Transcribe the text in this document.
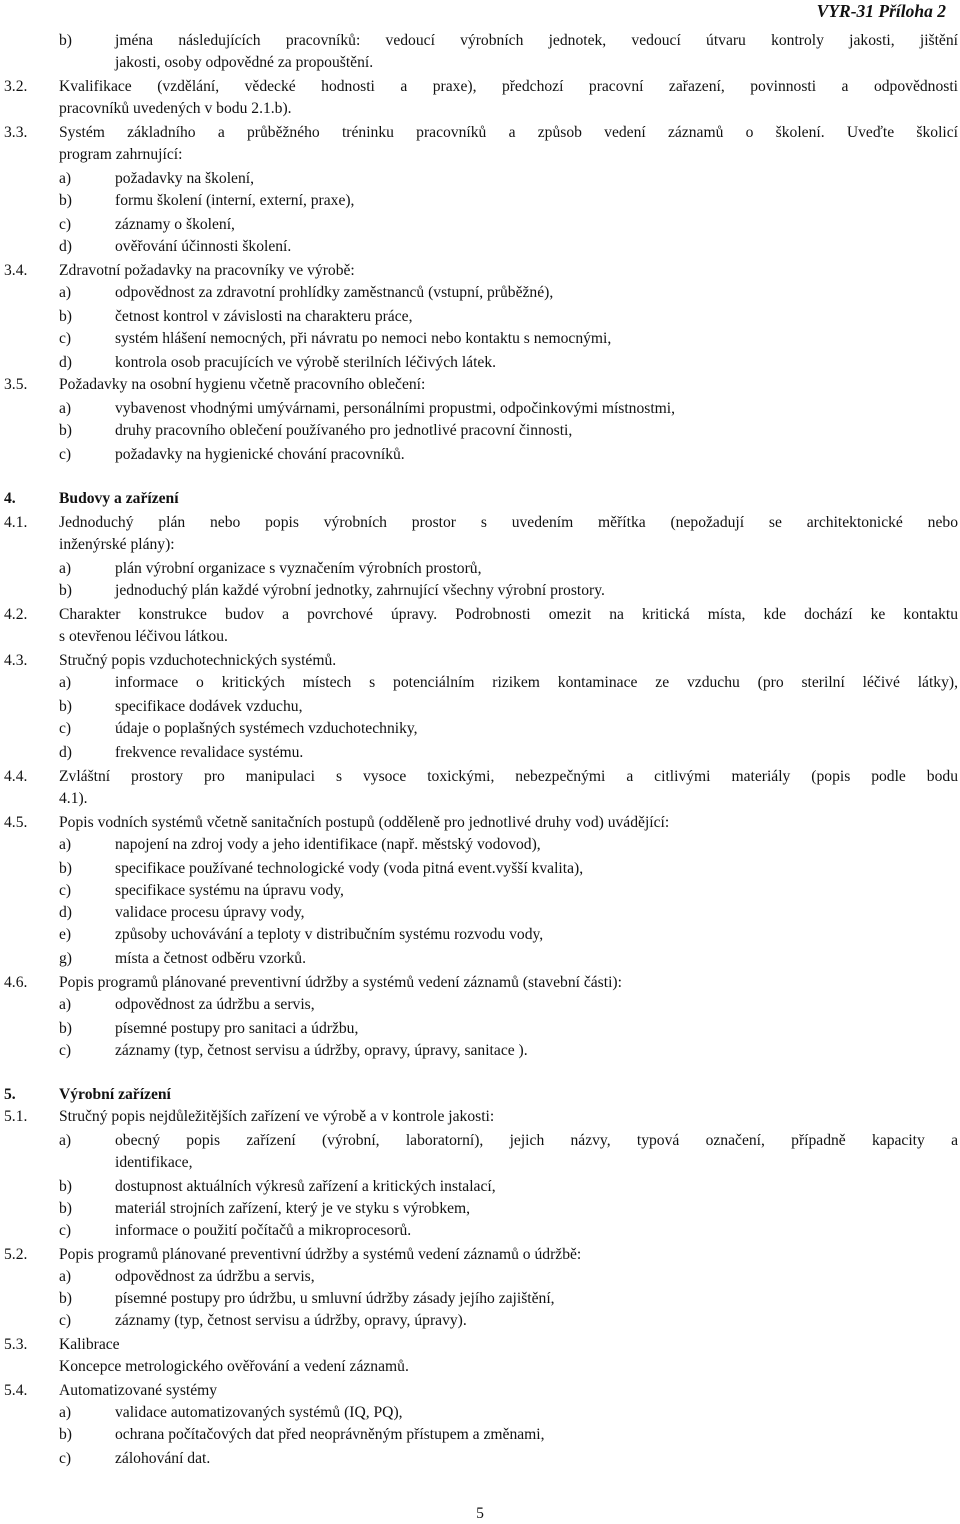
VYR-31 Příloha 2
b)	jména následujících pracovníků: vedoucí výrobních jednotek, vedoucí útvaru kontroly jakosti, jištění
jakosti, osoby odpovědné za propouštění.
3.2. Kvalifikace (vzdělání, vědecké hodnosti a praxe), předchozí pracovní zařazení, povinnosti a odpovědnosti
pracovníků uvedených v bodu 2.1.b).
3.3. Systém základního a průběžného tréninku pracovníků a způsob vedení záznamů o školení. Uveďte školicí
program zahrnující:
a)	požadavky na školení,
b)	formu školení (interní, externí, praxe),
c)	záznamy o školení,
d)	ověřování účinnosti školení.
3.4. Zdravotní požadavky na pracovníky ve výrobě:
a)	odpovědnost za zdravotní prohlídky zaměstnanců (vstupní, průběžné),
b)	četnost kontrol v závislosti na charakteru práce,
c)	systém hlášení nemocných, při návratu po nemoci nebo kontaktu s nemocnými,
d)	kontrola osob pracujících ve výrobě sterilních léčivých látek.
3.5. Požadavky na osobní hygienu včetně pracovního oblečení:
a)	vybavenost vhodnými umývárnami, personálními propustmi, odpočinkovými místnostmi,
b)	druhy pracovního oblečení používaného pro jednotlivé pracovní činnosti,
c)	požadavky na hygienické chování pracovníků.
4.	Budovy a zařízení
4.1. Jednoduchý plán nebo popis výrobních prostor s uvedením měřítka (nepožadují se architektonické nebo
inženýrské plány):
a)	plán výrobní organizace s vyznačením výrobních prostorů,
b)	jednoduchý plán každé výrobní jednotky, zahrnující všechny výrobní prostory.
4.2. Charakter konstrukce budov a povrchové úpravy. Podrobnosti omezit na kritická místa, kde dochází ke kontaktu
s otevřenou léčivou látkou.
4.3. Stručný popis vzduchotechnických systémů.
a)	informace o kritických místech s potenciálním rizikem kontaminace ze vzduchu (pro sterilní léčivé látky),
b)	specifikace dodávek vzduchu,
c)	údaje o poplašných systémech vzduchotechniky,
d)	frekvence revalidace systému.
4.4. Zvláštní prostory pro manipulaci s vysoce toxickými, nebezpečnými a citlivými materiály (popis podle bodu
4.1).
4.5. Popis vodních systémů včetně sanitačních postupů (odděleně pro jednotlivé druhy vod) uvádějící:
a)	napojení na zdroj vody a jeho identifikace (např. městský vodovod),
b)	specifikace používané technologické vody (voda pitná event.vyšší kvalita),
c)	specifikace systému na úpravu vody,
d)	validace procesu úpravy vody,
e)	způsoby uchovávání a teploty v distribučním systému rozvodu vody,
g)	místa a četnost odběru vzorků.
4.6. Popis programů plánované preventivní údržby a systémů vedení záznamů (stavební části):
a)	odpovědnost za údržbu a servis,
b)	písemné postupy pro sanitaci a údržbu,
c)	záznamy (typ, četnost servisu a údržby, opravy, úpravy, sanitace ).
5.	Výrobní zařízení
5.1. Stručný popis nejdůležitějších zařízení ve výrobě a v kontrole jakosti:
a)	obecný popis zařízení (výrobní, laboratorní), jejich názvy, typová označení, případně kapacity a
identifikace,
b)	dostupnost aktuálních výkresů zařízení a kritických instalací,
b)	materiál strojních zařízení, který je ve styku s výrobkem,
c)	informace o použití počítačů a mikroprocesorů.
5.2. Popis programů plánované preventivní údržby a systémů vedení záznamů o údržbě:
a)	odpovědnost za údržbu a servis,
b)	písemné postupy pro údržbu, u smluvní údržby zásady jejího zajištění,
c)	záznamy (typ, četnost servisu a údržby, opravy, úpravy).
5.3. Kalibrace
Koncepce metrologického ověřování a vedení záznamů.
5.4. Automatizované systémy
a)	validace automatizovaných systémů (IQ, PQ),
b)	ochrana počítačových dat před neoprávněným přístupem a změnami,
c)	zálohování dat.
5
